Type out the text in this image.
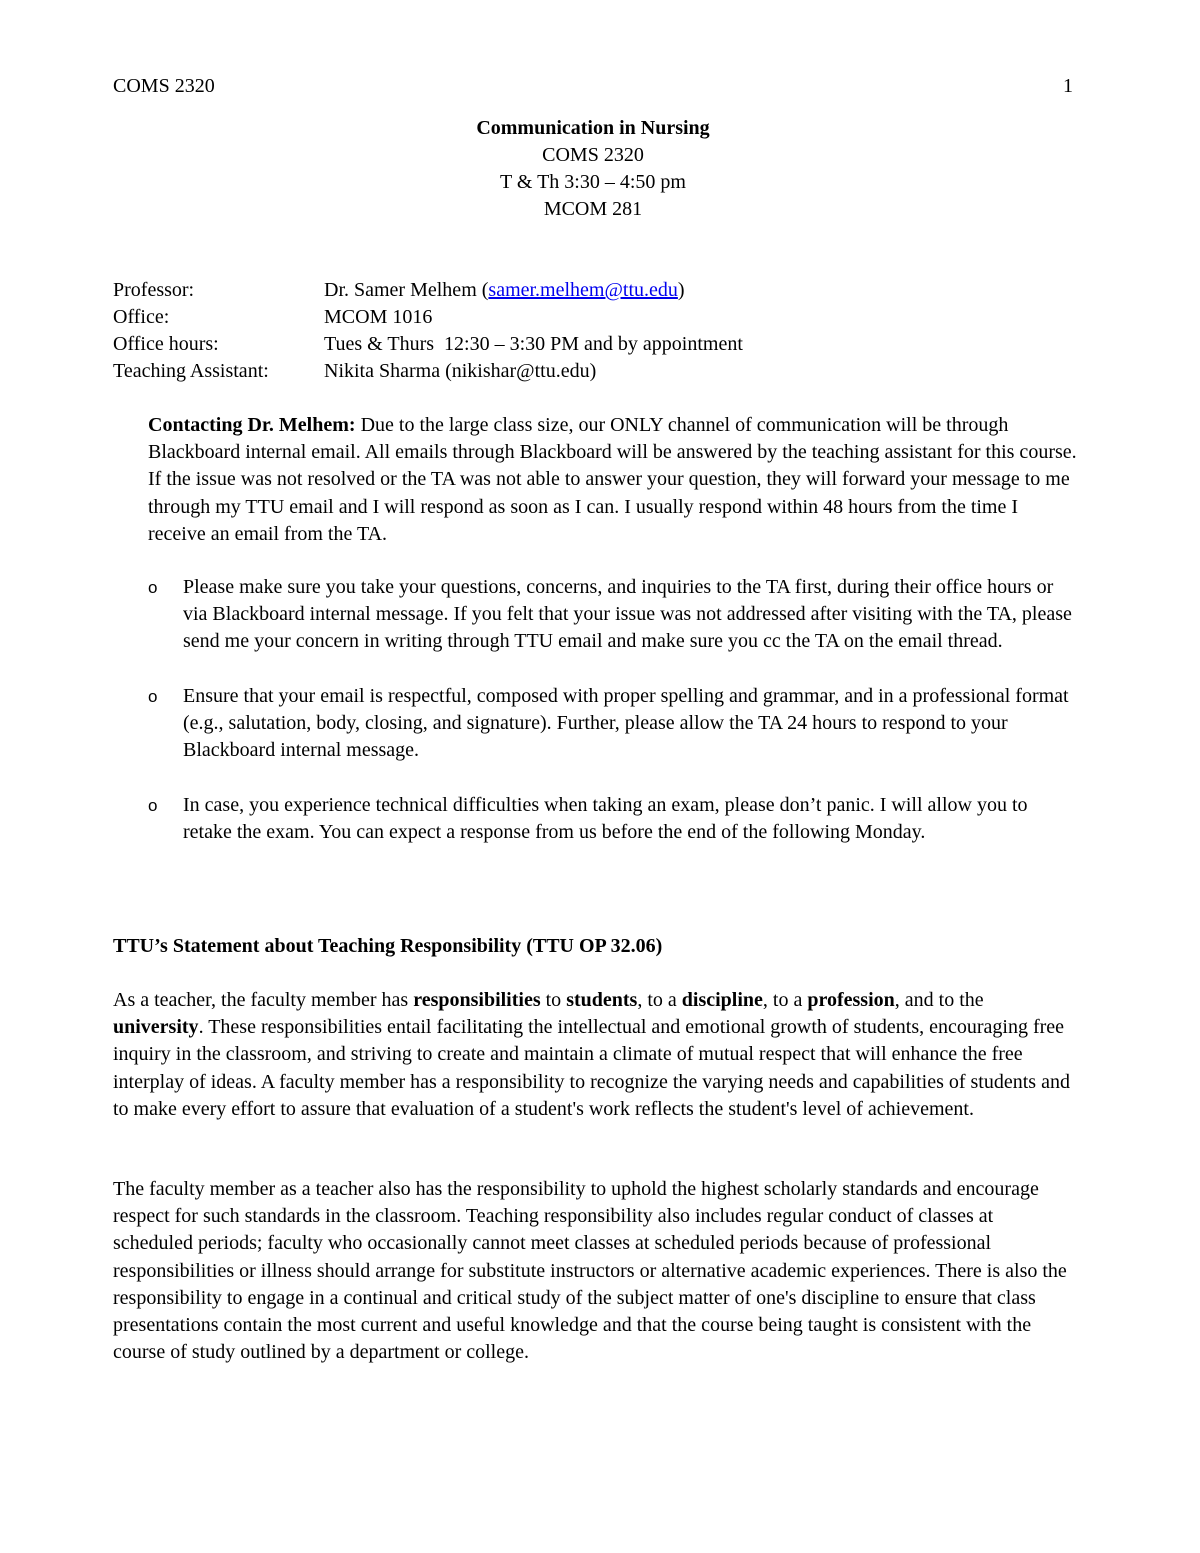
COMS 2320	1
Communication in Nursing
COMS 2320
T & Th 3:30 – 4:50 pm
MCOM 281
Professor:	Dr. Samer Melhem (samer.melhem@ttu.edu)
Office:	MCOM 1016
Office hours:	Tues & Thurs  12:30 – 3:30 PM and by appointment
Teaching Assistant:	Nikita Sharma (nikishar@ttu.edu)
Contacting Dr. Melhem: Due to the large class size, our ONLY channel of communication will be through Blackboard internal email. All emails through Blackboard will be answered by the teaching assistant for this course. If the issue was not resolved or the TA was not able to answer your question, they will forward your message to me through my TTU email and I will respond as soon as I can. I usually respond within 48 hours from the time I receive an email from the TA.
o	Please make sure you take your questions, concerns, and inquiries to the TA first, during their office hours or via Blackboard internal message. If you felt that your issue was not addressed after visiting with the TA, please send me your concern in writing through TTU email and make sure you cc the TA on the email thread.
o	Ensure that your email is respectful, composed with proper spelling and grammar, and in a professional format (e.g., salutation, body, closing, and signature). Further, please allow the TA 24 hours to respond to your Blackboard internal message.
o	In case, you experience technical difficulties when taking an exam, please don’t panic. I will allow you to retake the exam. You can expect a response from us before the end of the following Monday.
TTU’s Statement about Teaching Responsibility (TTU OP 32.06)
As a teacher, the faculty member has responsibilities to students, to a discipline, to a profession, and to the university. These responsibilities entail facilitating the intellectual and emotional growth of students, encouraging free inquiry in the classroom, and striving to create and maintain a climate of mutual respect that will enhance the free interplay of ideas. A faculty member has a responsibility to recognize the varying needs and capabilities of students and to make every effort to assure that evaluation of a student's work reflects the student's level of achievement.
The faculty member as a teacher also has the responsibility to uphold the highest scholarly standards and encourage respect for such standards in the classroom. Teaching responsibility also includes regular conduct of classes at scheduled periods; faculty who occasionally cannot meet classes at scheduled periods because of professional responsibilities or illness should arrange for substitute instructors or alternative academic experiences. There is also the responsibility to engage in a continual and critical study of the subject matter of one's discipline to ensure that class presentations contain the most current and useful knowledge and that the course being taught is consistent with the course of study outlined by a department or college.
